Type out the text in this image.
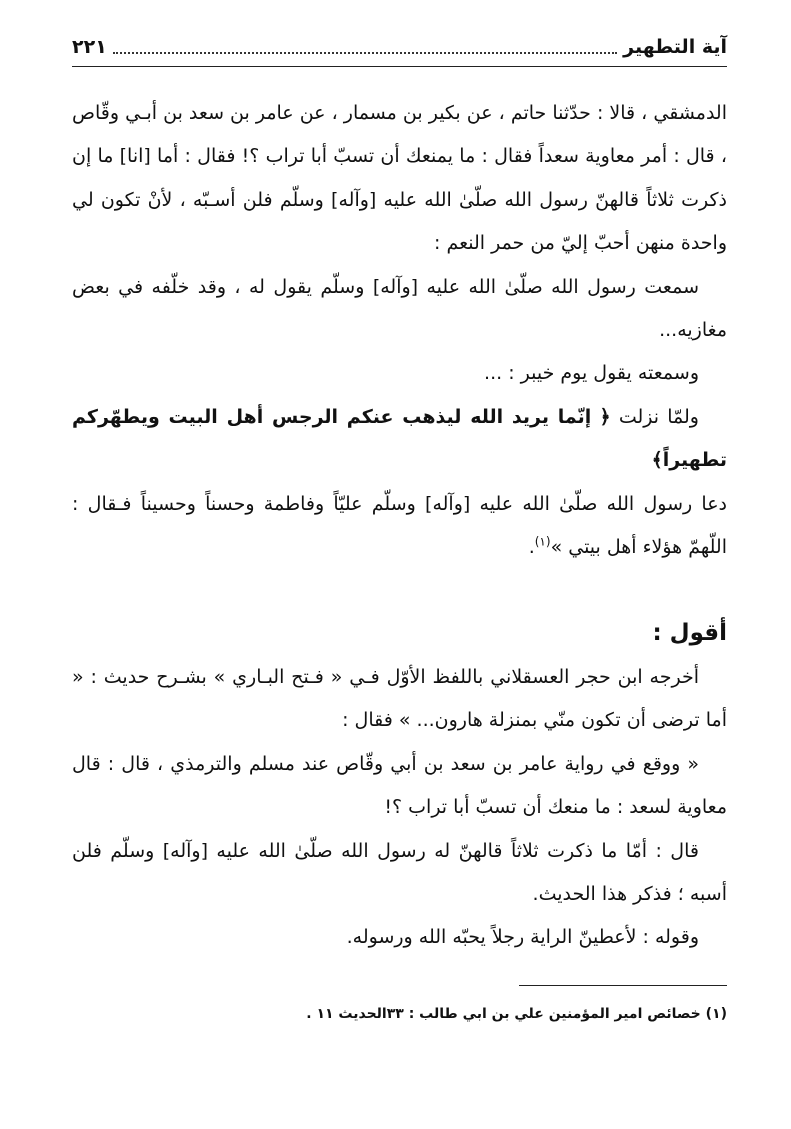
آية التطهير
٢٢١

الدمشقي ، قالا : حدّثنا حاتم ، عن بكير بن مسمار ، عن عامر بن سعد بن أبـي وقّاص ، قال : أمر معاوية سعداً فقال : ما يمنعك أن تسبّ أبا تراب ؟! فقال : أما [انا] ما إن ذكرت ثلاثاً قالهنّ رسول الله صلّىٰ الله عليه [وآله] وسلّم فلن أسـبّه ، لأنْ تكون لي واحدة منهن أحبّ إليّ من حمر النعم :

سمعت رسول الله صلّىٰ الله عليه [وآله] وسلّم يقول له ، وقد خلّفه في بعض مغازيه...

وسمعته يقول يوم خيبر : ...

ولمّا نزلت ﴿ إنّما يريد الله ليذهب عنكم الرجس أهل البيت ويطهّركم تطهيراً﴾

دعا رسول الله صلّىٰ الله عليه [وآله] وسلّم عليّاً وفاطمة وحسناً وحسيناً فـقال : اللّهمّ هؤلاء أهل بيتي »$^{(١)}$.

أقول :

أخرجه ابن حجر العسقلاني باللفظ الأوّل فـي « فـتح البـاري » بشـرح حديث : « أما ترضى أن تكون منّي بمنزلة هارون... » فقال :

« ووقع في رواية عامر بن سعد بن أبي وقّاص عند مسلم والترمذي ، قال : قال معاوية لسعد : ما منعك أن تسبّ أبا تراب ؟!

قال : أمّا ما ذكرت ثلاثاً قالهنّ له رسول الله صلّىٰ الله عليه [وآله] وسلّم فلن أسبه ؛ فذكر هذا الحديث.

وقوله : لأعطينّ الراية رجلاً يحبّه الله ورسوله.

(١) خصائص امير المؤمنين علي بن ابي طالب : ٣٣الحديث ١١ .
